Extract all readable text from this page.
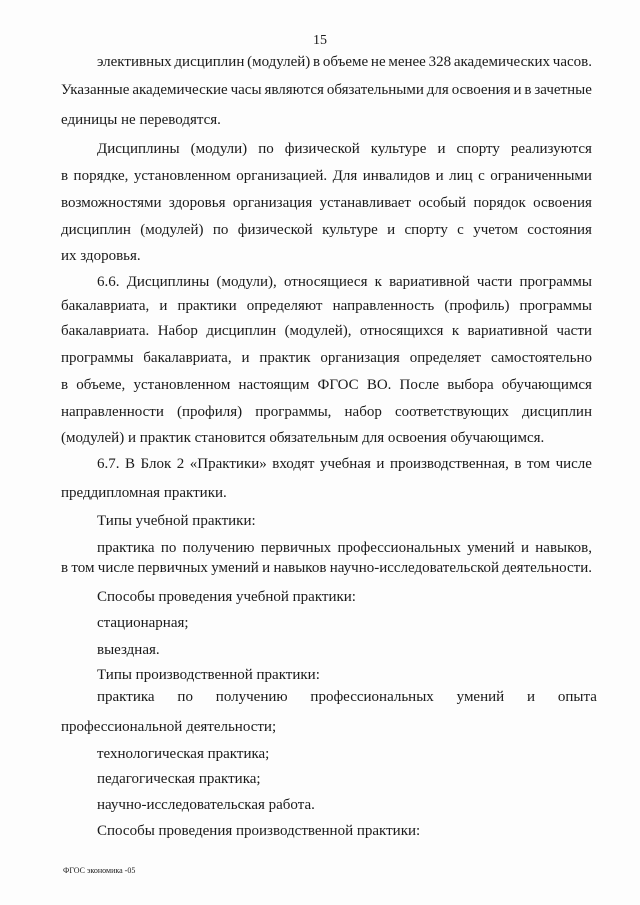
15
элективных дисциплин (модулей) в объеме не менее 328 академических часов.
Указанные академические часы являются обязательными для освоения и в зачетные
единицы не переводятся.
Дисциплины (модули) по физической культуре и спорту реализуются
в порядке, установленном организацией. Для инвалидов и лиц с ограниченными
возможностями здоровья организация устанавливает особый порядок освоения
дисциплин (модулей) по физической культуре и спорту с учетом состояния
их здоровья.
6.6. Дисциплины (модули), относящиеся к вариативной части программы
бакалавриата, и практики определяют направленность (профиль) программы
бакалавриата. Набор дисциплин (модулей), относящихся к вариативной части
программы бакалавриата, и практик организация определяет самостоятельно
в объеме, установленном настоящим ФГОС ВО. После выбора обучающимся
направленности (профиля) программы, набор соответствующих дисциплин
(модулей) и практик становится обязательным для освоения обучающимся.
6.7. В Блок 2 «Практики» входят учебная и производственная, в том числе
преддипломная практики.
Типы учебной практики:
практика по получению первичных профессиональных умений и навыков,
в том числе первичных умений и навыков научно-исследовательской деятельности.
Способы проведения учебной практики:
стационарная;
выездная.
Типы производственной практики:
практика по получению профессиональных умений и опыта
профессиональной деятельности;
технологическая практика;
педагогическая практика;
научно-исследовательская работа.
Способы проведения производственной практики:
ФГОС экономика -05
